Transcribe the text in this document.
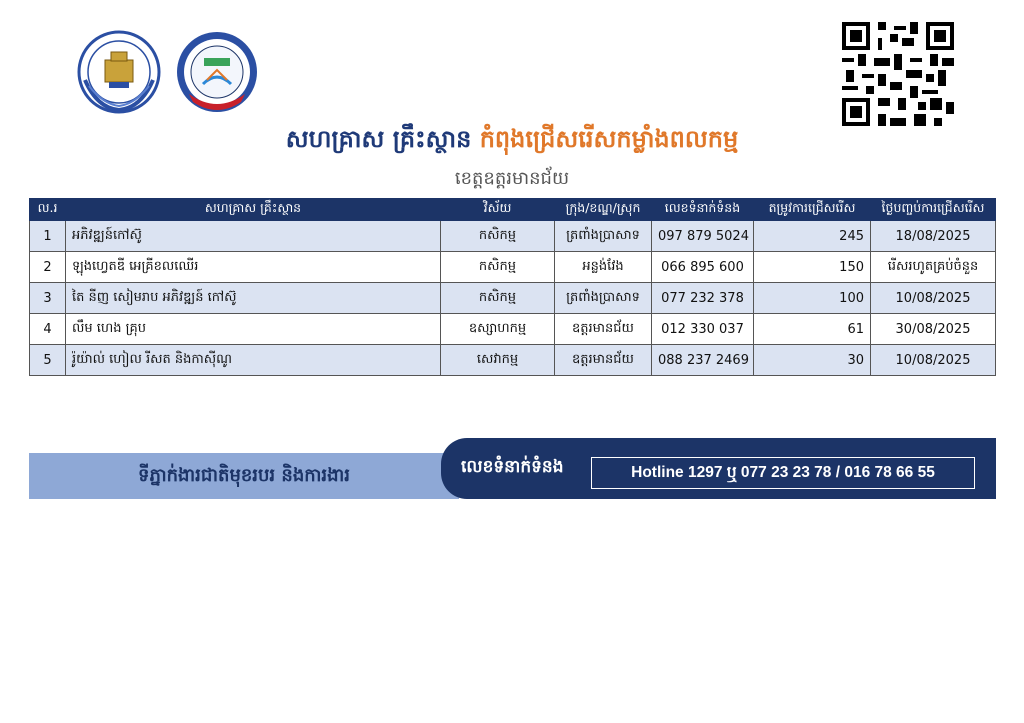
សហគ្រាស គ្រឹះស្ថាន កំពុងជ្រើសរើសកម្លាំងពលកម្ម
ខេត្តឧត្តរមានជ័យ
ល.រ	សហគ្រាស គ្រឹះស្ថាន	វិស័យ	ក្រុង/ខណ្ឌ/ស្រុក	លេខទំនាក់ទំនង	តម្រូវការជ្រើសរើស	ថ្ងៃបញ្ចប់ការជ្រើសរើស
1	អភិវឌ្ឍន៍កៅស៊ូ	កសិកម្ម	ត្រពាំងប្រាសាទ	097 879 5024	245	18/08/2025
2	ឡុងហ្វេតឌី អេគ្រីខលឈើរ	កសិកម្ម	អន្លង់វែង	066 895 600	150	រើសរហូតគ្រប់ចំនួន
3	តៃ នីញ សៀមរាប អភិវឌ្ឍន៍ កៅស៊ូ	កសិកម្ម	ត្រពាំងប្រាសាទ	077 232 378	100	10/08/2025
4	លឹម ហេង គ្រុប	ឧស្សាហកម្ម	ឧត្តរមានជ័យ	012 330 037	61	30/08/2025
5	រ៉ូយ៉ាល់ ហៀល រីសត និងកាស៊ីណូ	សេវាកម្ម	ឧត្តរមានជ័យ	088 237 2469	30	10/08/2025
ទីភ្នាក់ងារជាតិមុខរបរ និងការងារ	លេខទំនាក់ទំនង	Hotline 1297 ឬ 077 23 23 78 / 016 78 66 55
